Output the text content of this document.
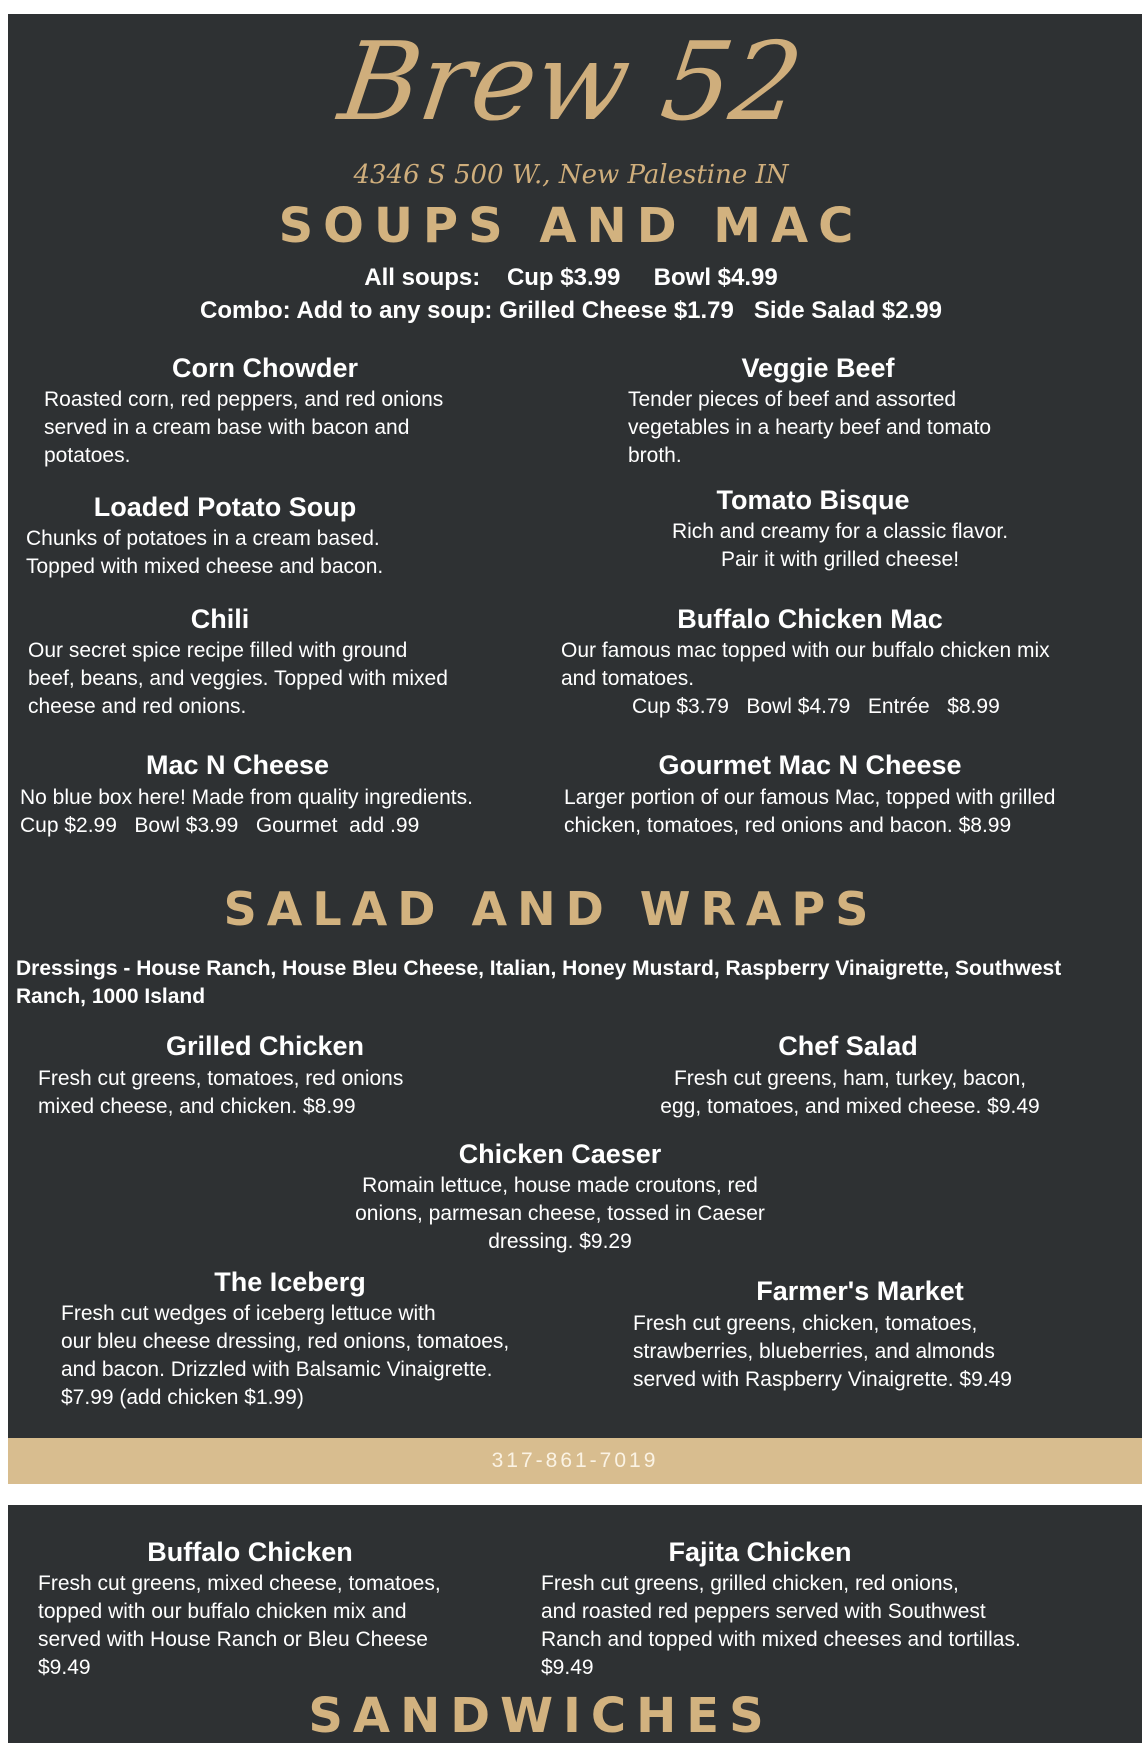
317-861-7019
Brew 52
4346 S 500 W., New Palestine IN
SOUPS AND MAC
All soups:    Cup $3.99     Bowl $4.99
Combo: Add to any soup: Grilled Cheese $1.79   Side Salad $2.99
Corn Chowder
Roasted corn, red peppers, and red onions
served in a cream base with bacon and
potatoes.
Veggie Beef
Tender pieces of beef and assorted
vegetables in a hearty beef and tomato
broth.
Loaded Potato Soup
Chunks of potatoes in a cream based.
Topped with mixed cheese and bacon.
Tomato Bisque
Rich and creamy for a classic flavor.
Pair it with grilled cheese!
Chili
Our secret spice recipe filled with ground
beef, beans, and veggies. Topped with mixed
cheese and red onions.
Buffalo Chicken Mac
Our famous mac topped with our buffalo chicken mix
and tomatoes.
Cup $3.79   Bowl $4.79   Entrée   $8.99
Mac N Cheese
No blue box here! Made from quality ingredients.
Cup $2.99   Bowl $3.99   Gourmet  add .99
Gourmet Mac N Cheese
Larger portion of our famous Mac, topped with grilled
chicken, tomatoes, red onions and bacon. $8.99
SALAD AND WRAPS
Dressings - House Ranch, House Bleu Cheese, Italian, Honey Mustard, Raspberry Vinaigrette, Southwest
Ranch, 1000 Island
Grilled Chicken
Fresh cut greens, tomatoes, red onions
mixed cheese, and chicken. $8.99
Chef Salad
Fresh cut greens, ham, turkey, bacon,
egg, tomatoes, and mixed cheese. $9.49
Chicken Caeser
Romain lettuce, house made croutons, red
onions, parmesan cheese, tossed in Caeser
dressing. $9.29
The Iceberg
Fresh cut wedges of iceberg lettuce with
our bleu cheese dressing, red onions, tomatoes,
and bacon. Drizzled with Balsamic Vinaigrette.
$7.99 (add chicken $1.99)
Farmer's Market
Fresh cut greens, chicken, tomatoes,
strawberries, blueberries, and almonds
served with Raspberry Vinaigrette. $9.49
Buffalo Chicken
Fresh cut greens, mixed cheese, tomatoes,
topped with our buffalo chicken mix and
served with House Ranch or Bleu Cheese
$9.49
Fajita Chicken
Fresh cut greens, grilled chicken, red onions,
and roasted red peppers served with Southwest
Ranch and topped with mixed cheeses and tortillas.
$9.49
SANDWICHES
